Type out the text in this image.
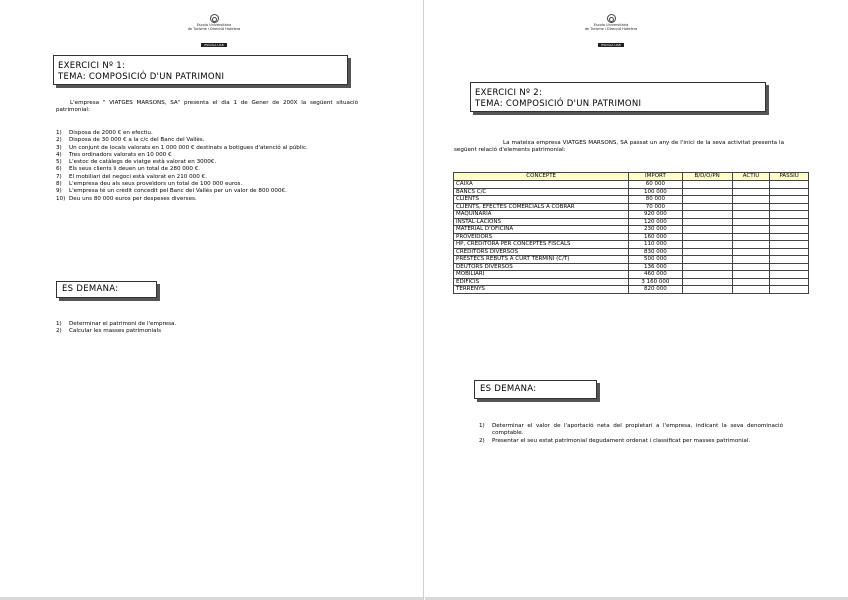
Escola Universitària
de Turisme i Direcció Hotelera
ESCOLA UAB
EXERCICI Nº 1:
TEMA: COMPOSICIÓ D'UN PATRIMONI

L'empresa " VIATGES MARSONS, SA" presenta el dia 1 de Gener de 200X la següent situació patrimonial:

1)	Disposa de 2000 € en efectiu.
2)	Disposa de 30 000 € a la c/c del Banc del Vallès.
3)	Un conjunt de locals valorats en 1 000 000 € destinats a botigues d'atenció al públic.
4)	Tres ordinadors valorats en 10 000 €
5)	L'estoc de catàlegs de viatge està valorat en 3000€.
6)	Els seus clients li deuen un total de 280 000 €.
7)	El mobiliari del negoci està valorat en 210 000 €.
8)	L'empresa deu als seus proveïdors un total de 100 000 euros.
9)	L'empresa té un crèdit concedit pel Banc del Vallès per un valor de 800 000€.
10) Deu uns 80 000 euros per despeses diverses.
ES DEMANA:
1)	Determinar el patrimoni de l'empresa.
2)	Calcular les masses patrimonials
Escola Universitària
de Turisme i Direcció Hotelera
ESCOLA UAB
EXERCICI Nº 2:
TEMA: COMPOSICIÓ D'UN PATRIMONI

La mateixa empresa VIATGES MARSONS, SA passat un any de l'inici de la seva activitat presenta la següent relació d'elements patrimonial:

CONCEPTE	IMPORT	B/D/O/PN	ACTIU	PASSIU
CAIXA	60 000			
BANCS C/C	100 000			
CLIENTS	80 000			
CLIENTS, EFECTES COMERCIALS A COBRAR	70 000			
MAQUINARIA	920 000			
INSTAL·LACIONS	120 000			
MATERIAL D'OFICINA	230 000			
PROVEÏDORS	160 000			
HP, CREDITORA PER CONCEPTES FISCALS	110 000			
CREDITORS DIVERSOS	830 000			
PRÉSTECS REBUTS A CURT TERMINI (C/T)	500 000			
DEUTORS DIVERSOS	136 000			
MOBILIARI	460 000			
EDIFICIS	3 160 000			
TERRENYS	820 000			
ES DEMANA:
1)	Determinar el valor de l'aportació neta del propietari a l'empresa, indicant la seva denominació comptable.
2)	Presentar el seu estat patrimonial degudament ordenat i classificat per masses patrimonial.
